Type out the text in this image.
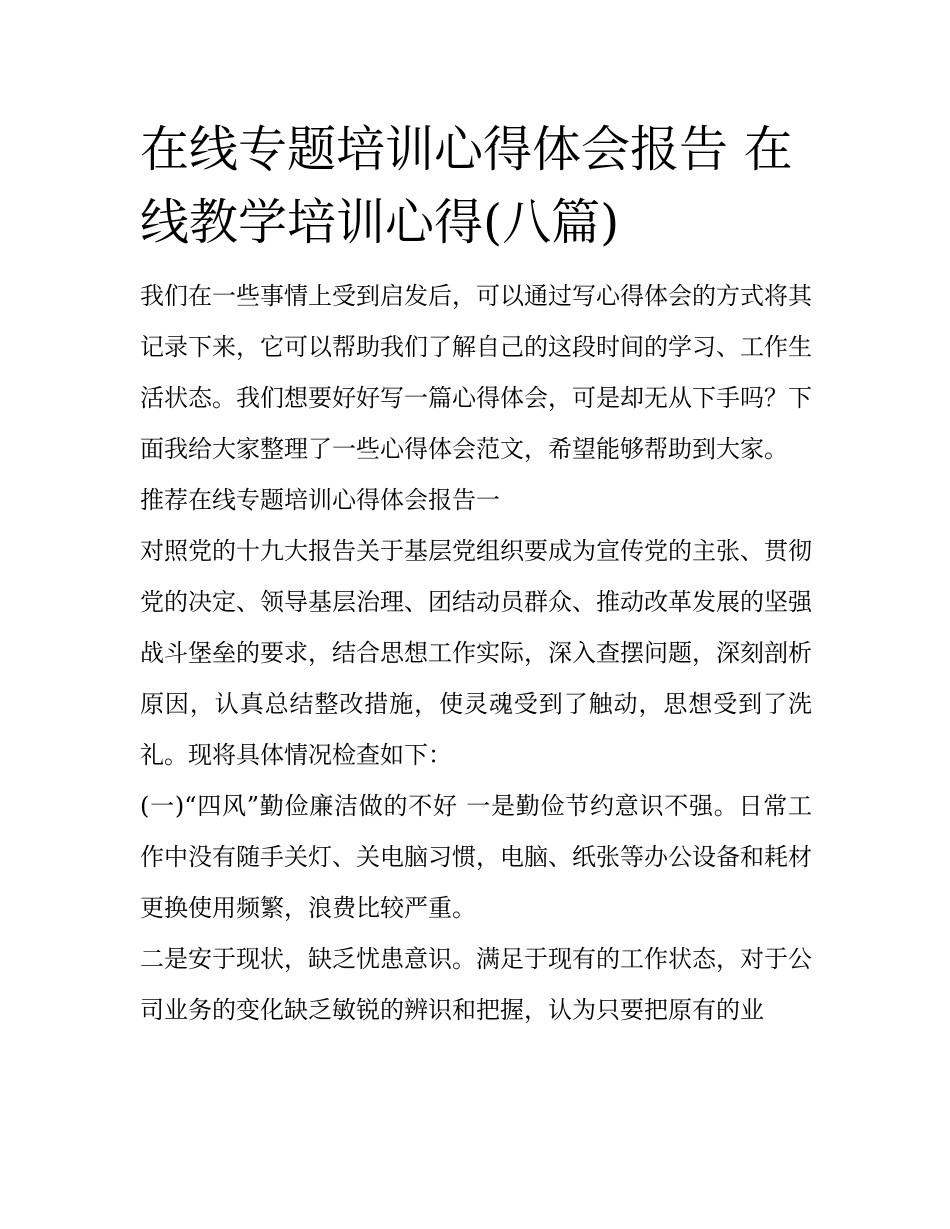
在线专题培训心得体会报告 在线教学培训心得(八篇)

我们在一些事情上受到启发后，可以通过写心得体会的方式将其记录下来，它可以帮助我们了解自己的这段时间的学习、工作生活状态。我们想要好好写一篇心得体会，可是却无从下手吗？下面我给大家整理了一些心得体会范文，希望能够帮助到大家。

推荐在线专题培训心得体会报告一

对照党的十九大报告关于基层党组织要成为宣传党的主张、贯彻党的决定、领导基层治理、团结动员群众、推动改革发展的坚强战斗堡垒的要求，结合思想工作实际，深入查摆问题，深刻剖析原因，认真总结整改措施，使灵魂受到了触动，思想受到了洗礼。现将具体情况检查如下：

(一)“四风”勤俭廉洁做的不好 一是勤俭节约意识不强。日常工作中没有随手关灯、关电脑习惯，电脑、纸张等办公设备和耗材更换使用频繁，浪费比较严重。

二是安于现状，缺乏忧患意识。满足于现有的工作状态，对于公司业务的变化缺乏敏锐的辨识和把握，认为只要把原有的业
